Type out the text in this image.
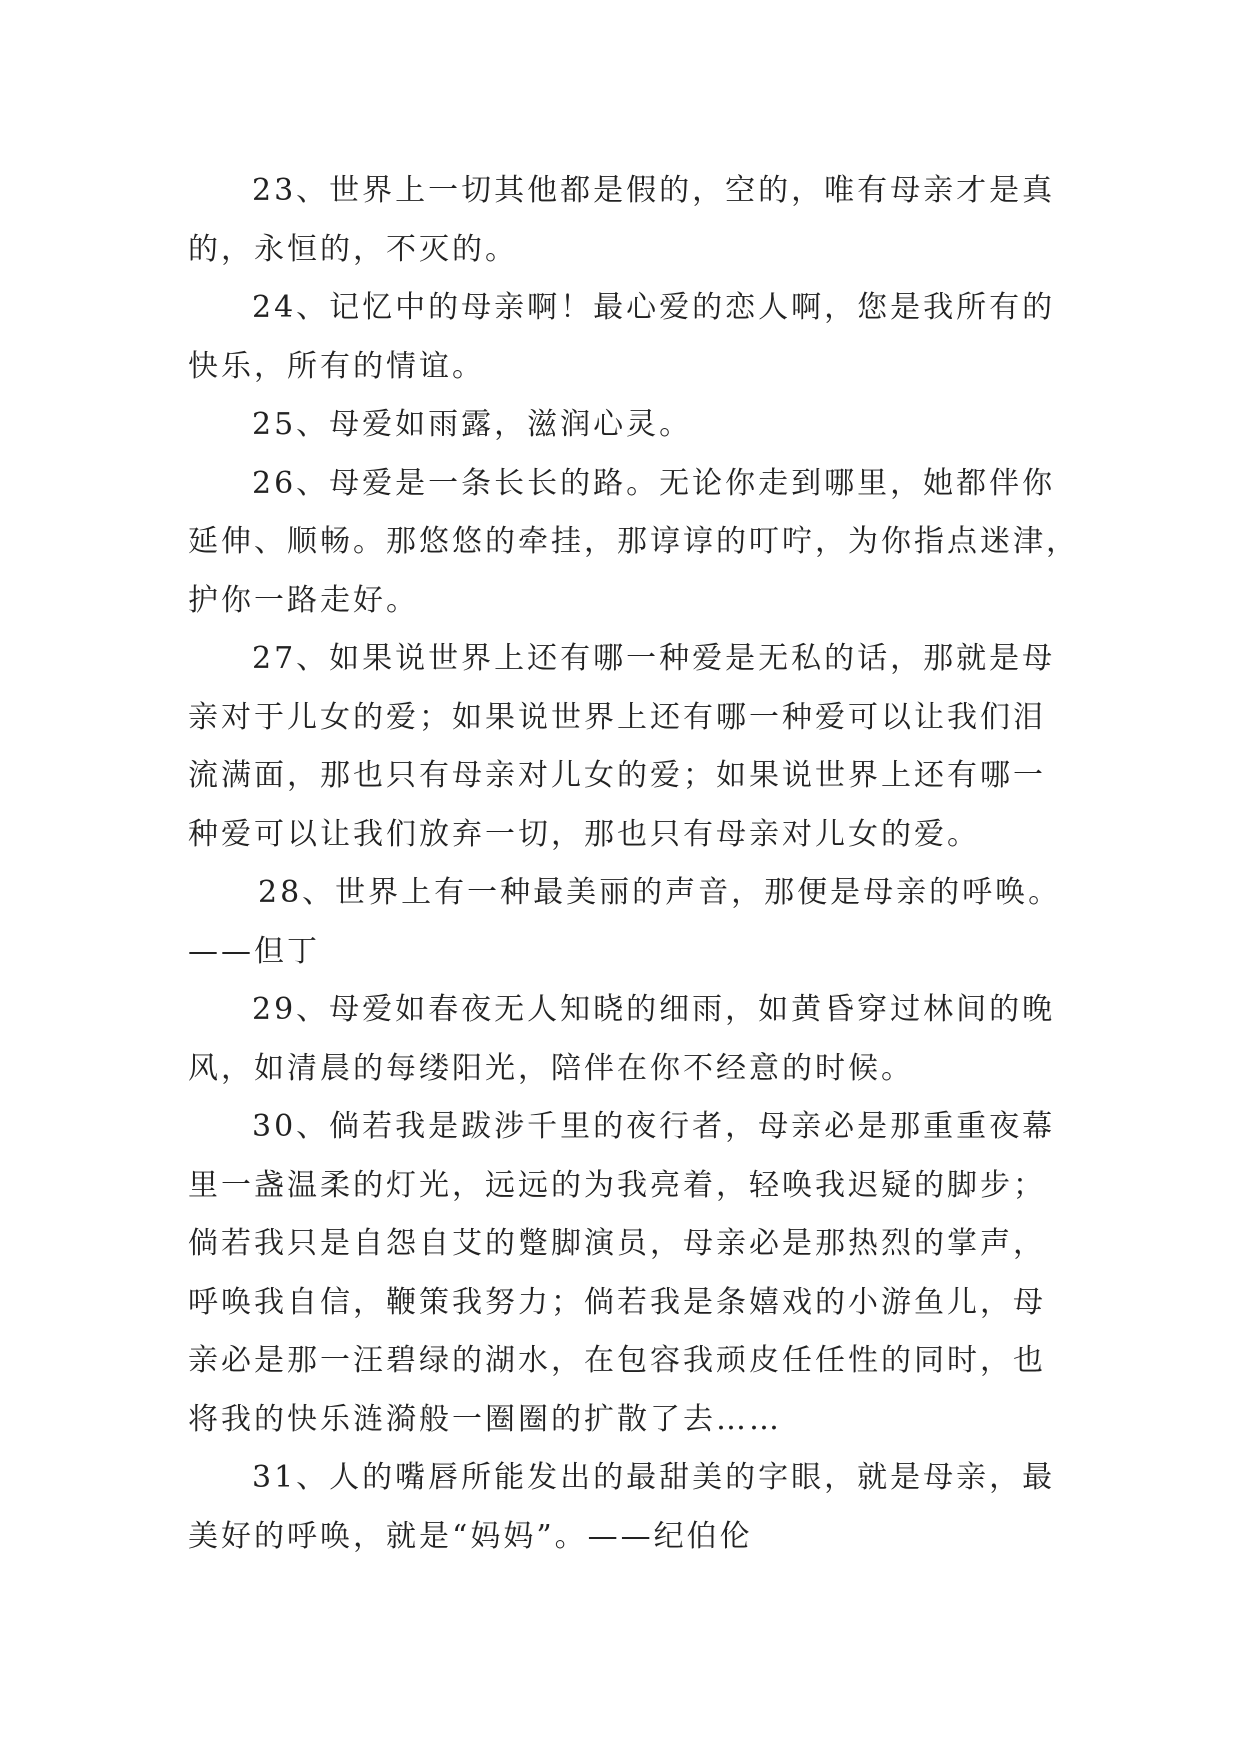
23、世界上一切其他都是假的，空的，唯有母亲才是真
的，永恒的，不灭的。

24、记忆中的母亲啊！最心爱的恋人啊，您是我所有的
快乐，所有的情谊。

25、母爱如雨露，滋润心灵。

26、母爱是一条长长的路。无论你走到哪里，她都伴你
延伸、顺畅。那悠悠的牵挂，那谆谆的叮咛，为你指点迷津，
护你一路走好。

27、如果说世界上还有哪一种爱是无私的话，那就是母
亲对于儿女的爱；如果说世界上还有哪一种爱可以让我们泪
流满面，那也只有母亲对儿女的爱；如果说世界上还有哪一
种爱可以让我们放弃一切，那也只有母亲对儿女的爱。

28、世界上有一种最美丽的声音，那便是母亲的呼唤。
——但丁

29、母爱如春夜无人知晓的细雨，如黄昏穿过林间的晚
风，如清晨的每缕阳光，陪伴在你不经意的时候。

30、倘若我是跋涉千里的夜行者，母亲必是那重重夜幕
里一盏温柔的灯光，远远的为我亮着，轻唤我迟疑的脚步；
倘若我只是自怨自艾的蹩脚演员，母亲必是那热烈的掌声，
呼唤我自信，鞭策我努力；倘若我是条嬉戏的小游鱼儿，母
亲必是那一汪碧绿的湖水，在包容我顽皮任任性的同时，也
将我的快乐涟漪般一圈圈的扩散了去……

31、人的嘴唇所能发出的最甜美的字眼，就是母亲，最
美好的呼唤，就是“妈妈”。——纪伯伦
